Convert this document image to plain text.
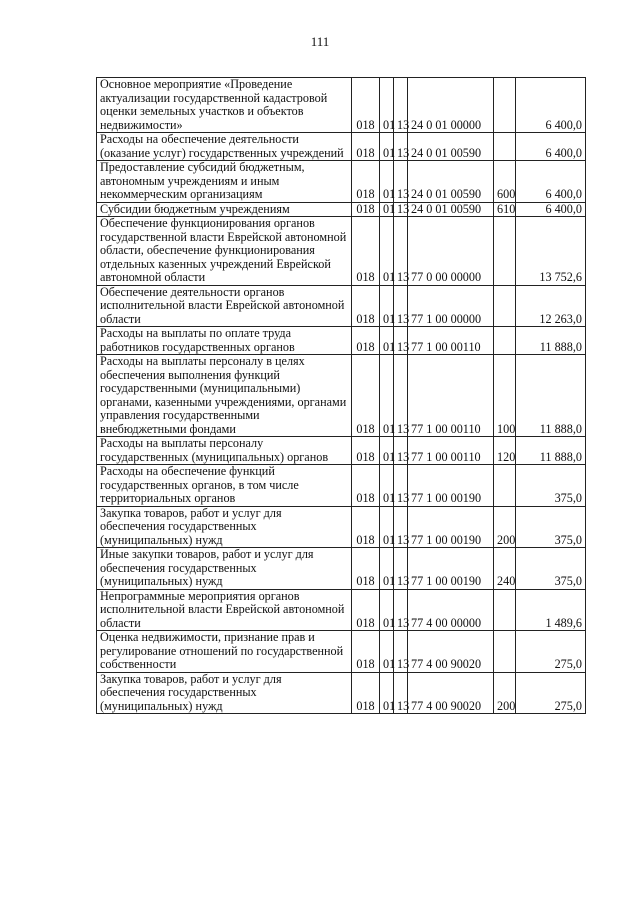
111
Основное мероприятие «Проведение актуализации государственной кадастровой оценки земельных участков и объектов недвижимости»	018	01	13	24 0 01 00000		6 400,0
Расходы на обеспечение деятельности (оказание услуг) государственных учреждений	018	01	13	24 0 01 00590		6 400,0
Предоставление субсидий бюджетным, автономным учреждениям и иным некоммерческим организациям	018	01	13	24 0 01 00590	600	6 400,0
Субсидии бюджетным учреждениям	018	01	13	24 0 01 00590	610	6 400,0
Обеспечение функционирования органов государственной власти Еврейской автономной области, обеспечение функционирования отдельных казенных учреждений Еврейской автономной области	018	01	13	77 0 00 00000		13 752,6
Обеспечение деятельности органов исполнительной власти Еврейской автономной области	018	01	13	77 1 00 00000		12 263,0
Расходы на выплаты по оплате труда работников государственных органов	018	01	13	77 1 00 00110		11 888,0
Расходы на выплаты персоналу в целях обеспечения выполнения функций государственными (муниципальными) органами, казенными учреждениями, органами управления государственными внебюджетными фондами	018	01	13	77 1 00 00110	100	11 888,0
Расходы на выплаты персоналу государственных (муниципальных) органов	018	01	13	77 1 00 00110	120	11 888,0
Расходы на обеспечение функций государственных органов, в том числе территориальных органов	018	01	13	77 1 00 00190		375,0
Закупка товаров, работ и услуг для обеспечения государственных (муниципальных) нужд	018	01	13	77 1 00 00190	200	375,0
Иные закупки товаров, работ и услуг для обеспечения государственных (муниципальных) нужд	018	01	13	77 1 00 00190	240	375,0
Непрограммные мероприятия органов исполнительной власти Еврейской автономной области	018	01	13	77 4 00 00000		1 489,6
Оценка недвижимости, признание прав и регулирование отношений по государственной собственности	018	01	13	77 4 00 90020		275,0
Закупка товаров, работ и услуг для обеспечения государственных (муниципальных) нужд	018	01	13	77 4 00 90020	200	275,0
